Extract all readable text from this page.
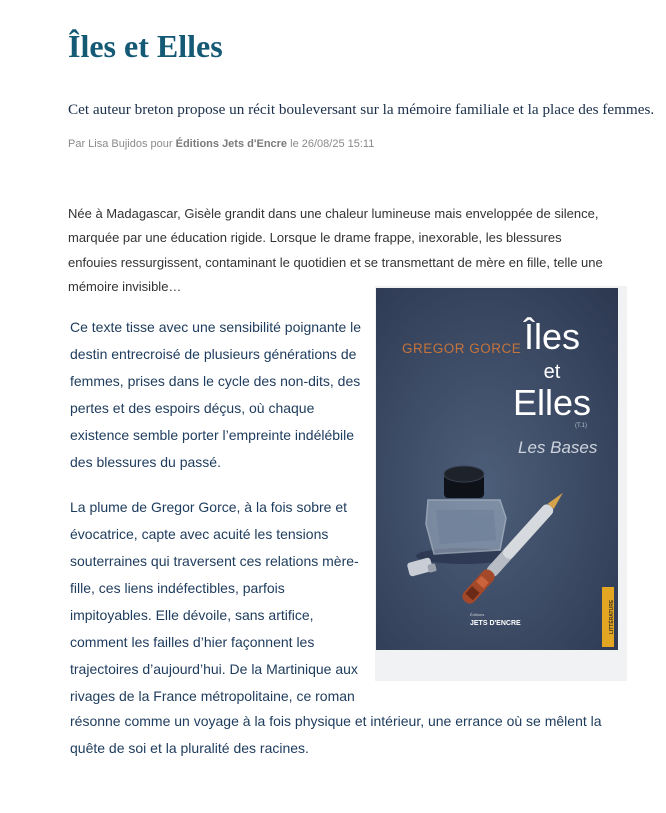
Îles et Elles

Cet auteur breton propose un récit bouleversant sur la mémoire familiale et la place des femmes.

Par Lisa Bujidos pour Éditions Jets d'Encre le 26/08/25 15:11

Née à Madagascar, Gisèle grandit dans une chaleur lumineuse mais enveloppée de silence, marquée par une éducation rigide. Lorsque le drame frappe, inexorable, les blessures enfouies ressurgissent, contaminant le quotidien et se transmettant de mère en fille, telle une mémoire invisible…

Ce texte tisse avec une sensibilité poignante le destin entrecroisé de plusieurs générations de femmes, prises dans le cycle des non-dits, des pertes et des espoirs déçus, où chaque existence semble porter l’empreinte indélébile des blessures du passé.

La plume de Gregor Gorce, à la fois sobre et évocatrice, capte avec acuité les tensions souterraines qui traversent ces relations mère-fille, ces liens indéfectibles, parfois impitoyables. Elle dévoile, sans artifice, comment les failles d’hier façonnent les trajectoires d’aujourd’hui. De la Martinique aux rivages de la France métropolitaine, ce roman

résonne comme un voyage à la fois physique et intérieur, une errance où se mêlent la quête de soi et la pluralité des racines.

GREGOR GORCE Îles
et
Elles
(T.1)
Les Bases
Éditions
JETS D'ENCRE	LITTÉRATURE
